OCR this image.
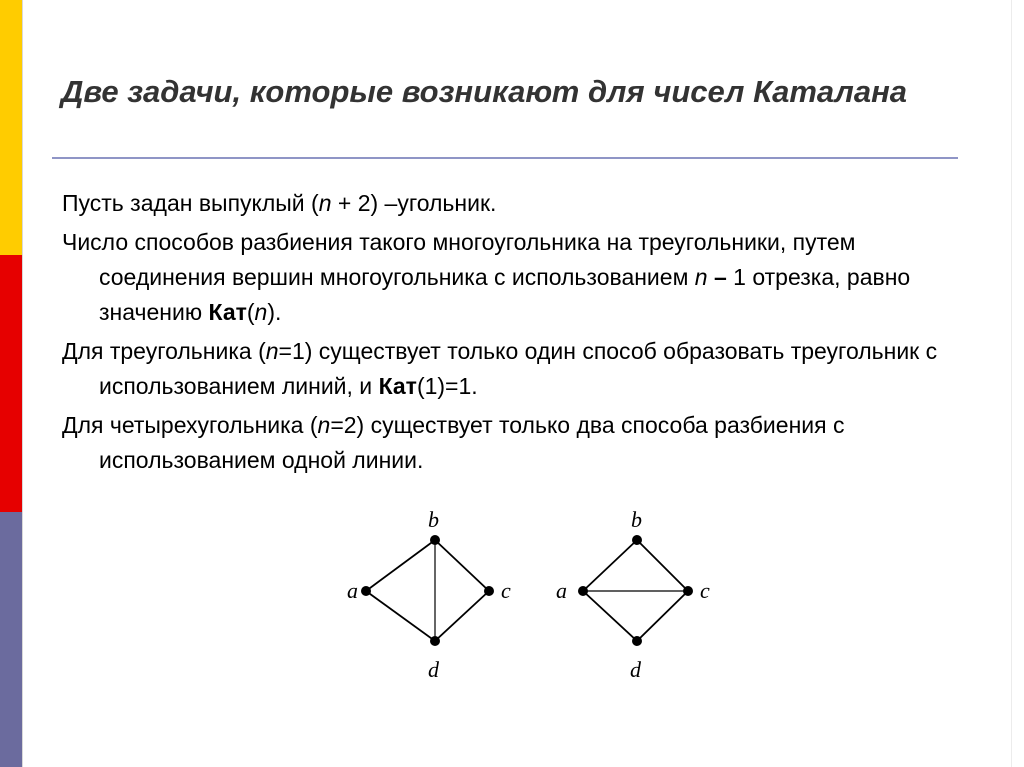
Две задачи, которые возникают для чисел Каталана

Пусть задан выпуклый (n + 2) –угольник.

Число способов разбиения такого многоугольника на треугольники, путем соединения вершин многоугольника с использованием n – 1 отрезка, равно значению Кат(n).

Для треугольника (n=1) существует только один способ образовать треугольник с использованием линий, и Кат(1)=1.

Для четырехугольника (n=2) существует только два способа разбиения с использованием одной линии.

a
b
c
d
a
b
c
d
